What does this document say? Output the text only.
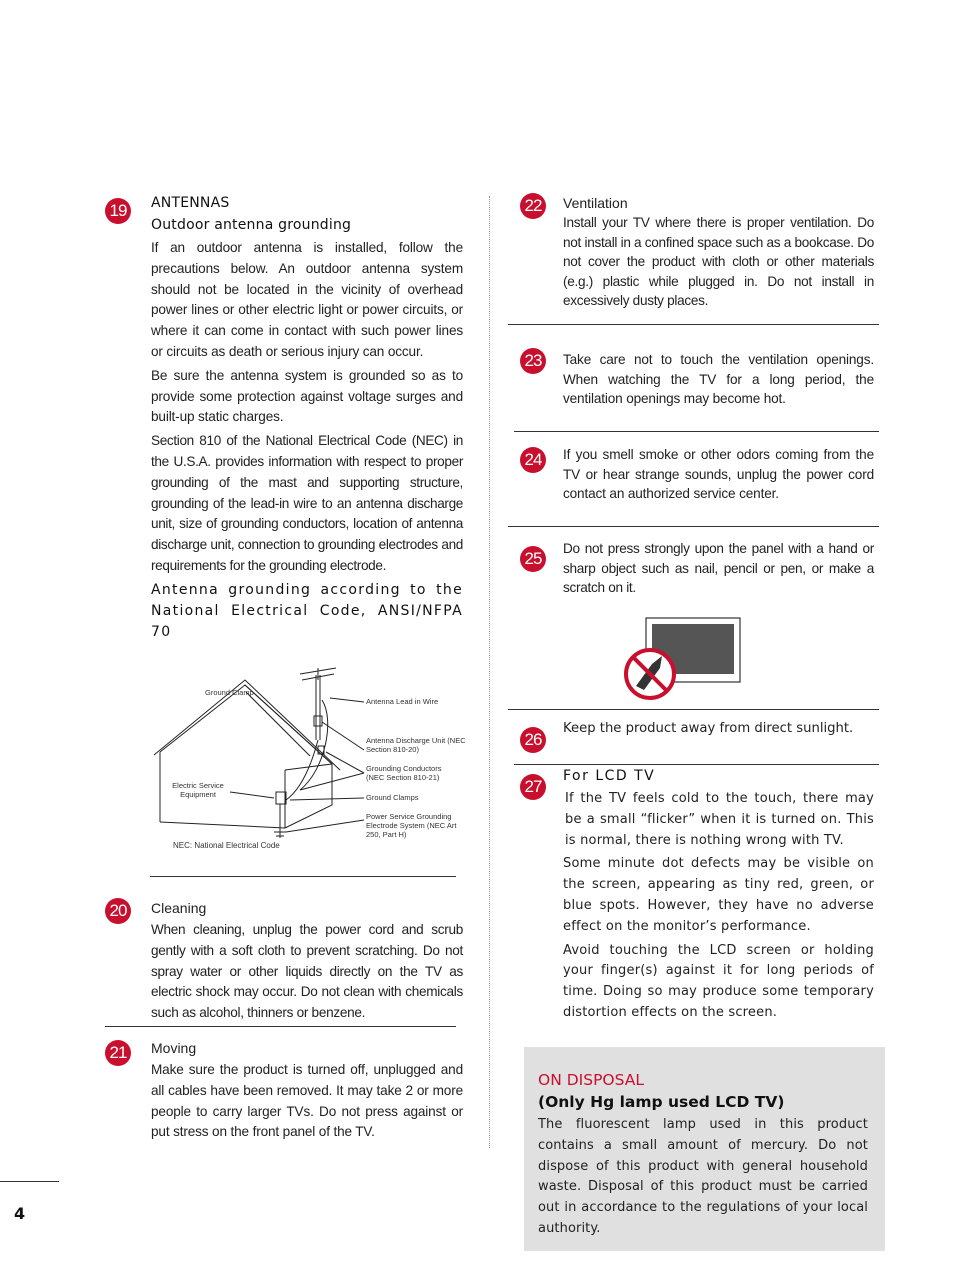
19	ANTENNAS
Outdoor antenna grounding

If an outdoor antenna is installed, follow the precautions below. An outdoor antenna system should not be located in the vicinity of overhead power lines or other electric light or power circuits, or where it can come in contact with such power lines or circuits as death or serious injury can occur.

Be sure the antenna system is grounded so as to provide some protection against voltage surges and built-up static charges.

Section 810 of the National Electrical Code (NEC) in the U.S.A. provides information with respect to proper grounding of the mast and supporting structure, grounding of the lead-in wire to an antenna discharge unit, size of grounding conductors, location of antenna discharge unit, connection to grounding electrodes and requirements for the grounding electrode.

Antenna grounding according to the National Electrical Code, ANSI/NFPA 70
Ground Clamp
Antenna Lead in Wire
Antenna Discharge Unit (NEC Section 810-20)
Grounding Conductors (NEC Section 810-21)
Ground Clamps
Power Service Grounding Electrode System (NEC Art 250, Part H)
Electric Service Equipment
NEC: National Electrical Code
20	Cleaning

When cleaning, unplug the power cord and scrub gently with a soft cloth to prevent scratching. Do not spray water or other liquids directly on the TV as electric shock may occur. Do not clean with chemicals such as alcohol, thinners or benzene.

21	Moving

Make sure the product is turned off, unplugged and all cables have been removed. It may take 2 or more people to carry larger TVs. Do not press against or put stress on the front panel of the TV.

22	Ventilation

Install your TV where there is proper ventilation. Do not install in a confined space such as a bookcase. Do not cover the product with cloth or other materials (e.g.) plastic while plugged in. Do not install in excessively dusty places.

23	Take care not to touch the ventilation openings. When watching the TV for a long period, the ventilation openings may become hot.

24	If you smell smoke or other odors coming from the TV or hear strange sounds, unplug the power cord contact an authorized service center.

25

Do not press strongly upon the panel with a hand or sharp object such as nail, pencil or pen, or make a scratch on it.

26

Keep the product away from direct sunlight.

27
For LCD TV

If the TV feels cold to the touch, there may be a small “flicker” when it is turned on. This is normal, there is nothing wrong with TV.

Some minute dot defects may be visible on the screen, appearing as tiny red, green, or blue spots. However, they have no adverse effect on the monitor’s performance.

Avoid touching the LCD screen or holding your finger(s) against it for long periods of time. Doing so may produce some temporary distortion effects on the screen.

ON DISPOSAL
(Only Hg lamp used LCD TV)

The fluorescent lamp used in this product contains a small amount of mercury. Do not dispose of this product with general household waste. Disposal of this product must be carried out in accordance to the regulations of your local authority.

4
